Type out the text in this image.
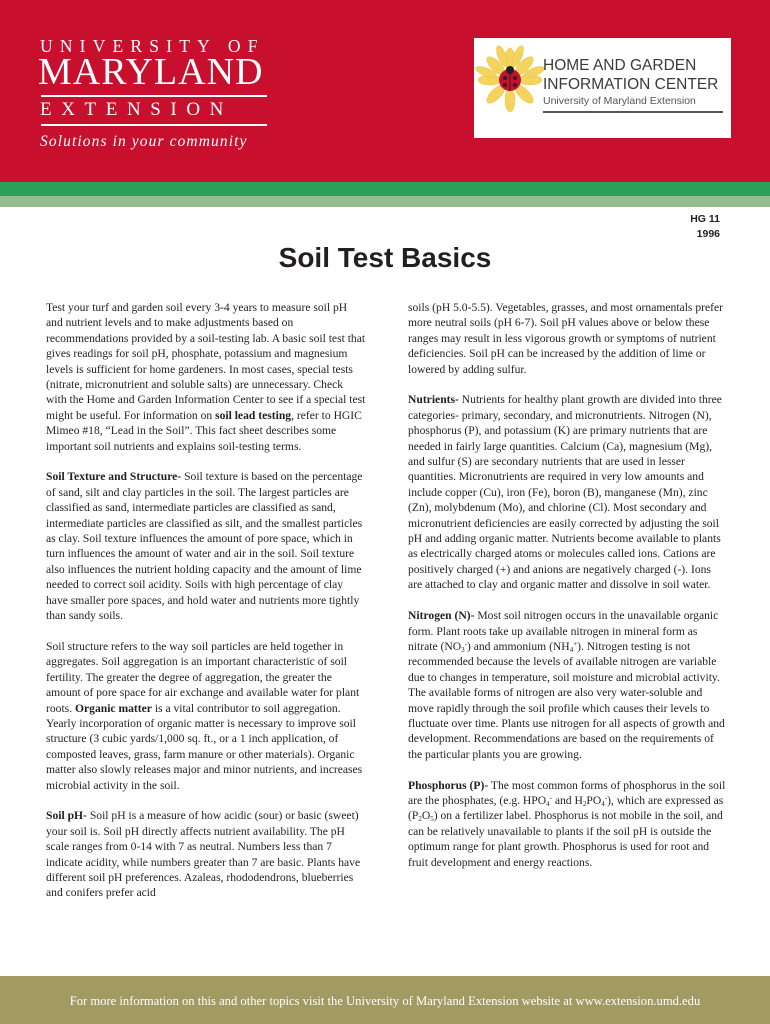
UNIVERSITY OF
MARYLAND
EXTENSION
Solutions in your community
HOME AND GARDEN
INFORMATION CENTER
University of Maryland Extension
HG 11
1996
Soil Test Basics

Test your turf and garden soil every 3-4 years to measure soil pH and nutrient levels and to make adjustments based on recommendations provided by a soil-testing lab. A basic soil test that gives readings for soil pH, phosphate, potassium and magnesium levels is sufficient for home gardeners. In most cases, special tests (nitrate, micronutrient and soluble salts) are unnecessary. Check with the Home and Garden Information Center to see if a special test might be useful. For information on soil lead testing, refer to HGIC Mimeo #18, “Lead in the Soil”. This fact sheet describes some important soil nutrients and explains soil-testing terms.

Soil Texture and Structure- Soil texture is based on the percentage of sand, silt and clay particles in the soil. The largest particles are classified as sand, intermediate particles are classified as sand, intermediate particles are classified as silt, and the smallest particles as clay. Soil texture influences the amount of pore space, which in turn influences the amount of water and air in the soil. Soil texture also influences the nutrient holding capacity and the amount of lime needed to correct soil acidity. Soils with high percentage of clay have smaller pore spaces, and hold water and nutrients more tightly than sandy soils.

Soil structure refers to the way soil particles are held together in aggregates. Soil aggregation is an important characteristic of soil fertility. The greater the degree of aggregation, the greater the amount of pore space for air exchange and available water for plant roots. Organic matter is a vital contributor to soil aggregation. Yearly incorporation of organic matter is necessary to improve soil structure (3 cubic yards/1,000 sq. ft., or a 1 inch application, of composted leaves, grass, farm manure or other materials). Organic matter also slowly releases major and minor nutrients, and increases microbial activity in the soil.

Soil pH- Soil pH is a measure of how acidic (sour) or basic (sweet) your soil is. Soil pH directly affects nutrient availability. The pH scale ranges from 0-14 with 7 as neutral. Numbers less than 7 indicate acidity, while numbers greater than 7 are basic. Plants have different soil pH preferences. Azaleas, rhododendrons, blueberries and conifers prefer acid

soils (pH 5.0-5.5). Vegetables, grasses, and most ornamentals prefer more neutral soils (pH 6-7). Soil pH values above or below these ranges may result in less vigorous growth or symptoms of nutrient deficiencies. Soil pH can be increased by the addition of lime or lowered by adding sulfur.

Nutrients- Nutrients for healthy plant growth are divided into three categories- primary, secondary, and micronutrients. Nitrogen (N), phosphorus (P), and potassium (K) are primary nutrients that are needed in fairly large quantities. Calcium (Ca), magnesium (Mg), and sulfur (S) are secondary nutrients that are used in lesser quantities. Micronutrients are required in very low amounts and include copper (Cu), iron (Fe), boron (B), manganese (Mn), zinc (Zn), molybdenum (Mo), and chlorine (Cl). Most secondary and micronutrient deficiencies are easily corrected by adjusting the soil pH and adding organic matter. Nutrients become available to plants as electrically charged atoms or molecules called ions. Cations are positively charged (+) and anions are negatively charged (-). Ions are attached to clay and organic matter and dissolve in soil water.

Nitrogen (N)- Most soil nitrogen occurs in the unavailable organic form. Plant roots take up available nitrogen in mineral form as nitrate $(NO_3^-)$ and ammonium $(NH_4^+)$. Nitrogen testing is not recommended because the levels of available nitrogen are variable due to changes in temperature, soil moisture and microbial activity. The available forms of nitrogen are also very water-soluble and move rapidly through the soil profile which causes their levels to fluctuate over time. Plants use nitrogen for all aspects of growth and development. Recommendations are based on the requirements of the particular plants you are growing.

Phosphorus (P)- The most common forms of phosphorus in the soil are the phosphates, (e.g. $HPO_4^-$ and $H_2PO_4^-$), which are expressed as $(P_2O_5)$ on a fertilizer label. Phosphorus is not mobile in the soil, and can be relatively unavailable to plants if the soil pH is outside the optimum range for plant growth. Phosphorus is used for root and fruit development and energy reactions.

For more information on this and other topics visit the University of Maryland Extension website at www.extension.umd.edu
